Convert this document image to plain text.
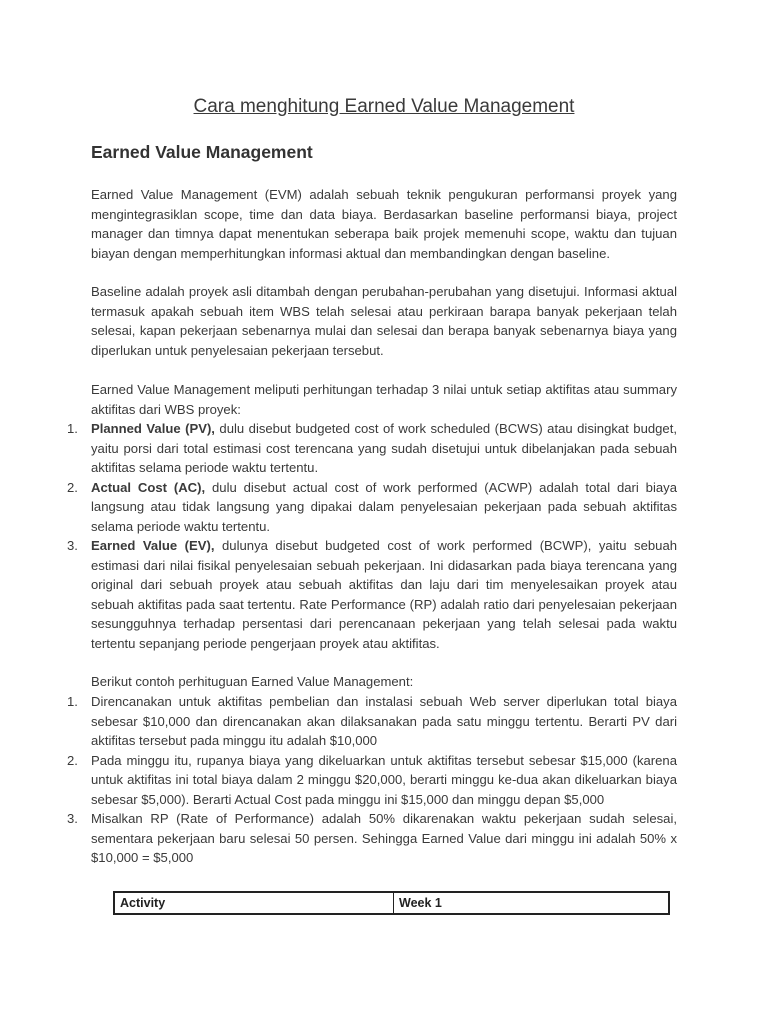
Cara menghitung Earned Value Management
Earned Value Management

Earned Value Management (EVM) adalah sebuah teknik pengukuran performansi proyek yang mengintegrasiklan scope, time dan data biaya. Berdasarkan baseline performansi biaya, project manager dan timnya dapat menentukan seberapa baik projek memenuhi scope, waktu dan tujuan biayan dengan memperhitungkan informasi aktual dan membandingkan dengan baseline.

Baseline adalah proyek asli ditambah dengan perubahan-perubahan yang disetujui. Informasi aktual termasuk apakah sebuah item WBS telah selesai atau perkiraan barapa banyak pekerjaan telah selesai, kapan pekerjaan sebenarnya mulai dan selesai dan berapa banyak sebenarnya biaya yang diperlukan untuk penyelesaian pekerjaan tersebut.

Earned Value Management meliputi perhitungan terhadap 3 nilai untuk setiap aktifitas atau summary aktifitas dari WBS proyek:

1. Planned Value (PV), dulu disebut budgeted cost of work scheduled (BCWS) atau disingkat budget, yaitu porsi dari total estimasi cost terencana yang sudah disetujui untuk dibelanjakan pada sebuah aktifitas selama periode waktu tertentu.
2. Actual Cost (AC), dulu disebut actual cost of work performed (ACWP) adalah total dari biaya langsung atau tidak langsung yang dipakai dalam penyelesaian pekerjaan pada sebuah aktifitas selama periode waktu tertentu.
3. Earned Value (EV), dulunya disebut budgeted cost of work performed (BCWP), yaitu sebuah estimasi dari nilai fisikal penyelesaian sebuah pekerjaan. Ini didasarkan pada biaya terencana yang original dari sebuah proyek atau sebuah aktifitas dan laju dari tim menyelesaikan proyek atau sebuah aktifitas pada saat tertentu. Rate Performance (RP) adalah ratio dari penyelesaian pekerjaan sesungguhnya terhadap persentasi dari perencanaan pekerjaan yang telah selesai pada waktu tertentu sepanjang periode pengerjaan proyek atau aktifitas.

Berikut contoh perhituguan Earned Value Management:

1. Direncanakan untuk aktifitas pembelian dan instalasi sebuah Web server diperlukan total biaya sebesar $10,000 dan direncanakan akan dilaksanakan pada satu minggu tertentu. Berarti PV dari aktifitas tersebut pada minggu itu adalah $10,000
2. Pada minggu itu, rupanya biaya yang dikeluarkan untuk aktifitas tersebut sebesar $15,000 (karena untuk aktifitas ini total biaya dalam 2 minggu $20,000, berarti minggu ke-dua akan dikeluarkan biaya sebesar $5,000). Berarti Actual Cost pada minggu ini $15,000 dan minggu depan $5,000
3. Misalkan RP (Rate of Performance) adalah 50% dikarenakan waktu pekerjaan sudah selesai, sementara pekerjaan baru selesai 50 persen. Sehingga Earned Value dari minggu ini adalah 50% x $10,000 = $5,000
Activity	Week 1
